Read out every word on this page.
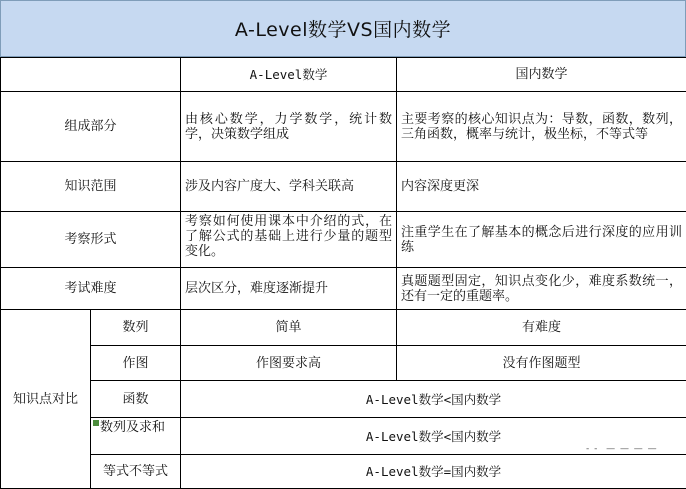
A-Level数学VS国内数学
		A-Level数学	国内数学
组成部分		由核心数学，力学数学，统计数学，决策数学组成	主要考察的核心知识点为：导数，函数，数列，三角函数，概率与统计，极坐标，不等式等
知识范围		涉及内容广度大、学科关联高	内容深度更深
考察形式		考察如何使用课本中介绍的式，在了解公式的基础上进行少量的题型变化。	注重学生在了解基本的概念后进行深度的应用训练
考试难度		层次区分，难度逐渐提升	真题题型固定，知识点变化少，难度系数统一，还有一定的重题率。
知识点对比	数列	简单	有难度
	作图	作图要求高	没有作图题型
	函数	A-Level数学<国内数学	
	数列及求和	A-Level数学<国内数学	
	等式不等式	A-Level数学=国内数学	
- -  — — — —
